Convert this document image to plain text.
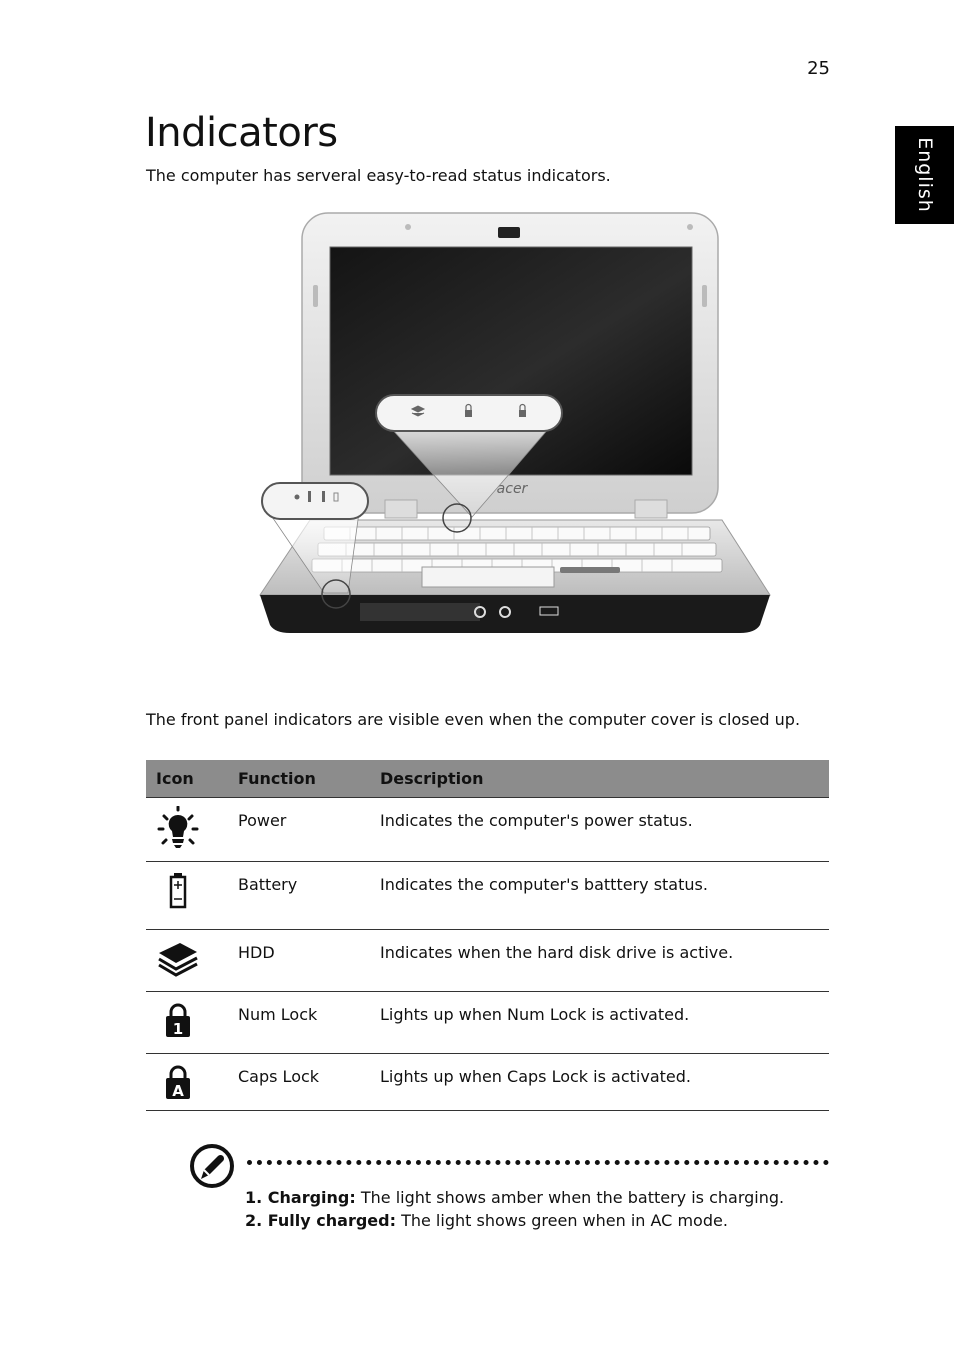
25
English
Indicators

The computer has serveral easy-to-read status indicators.

acer

The front panel indicators are visible even when the computer cover is closed up.

Icon	Function	Description
	Power	Indicates the computer's power status.
	Battery	Indicates the computer's batttery status.
	HDD	Indicates when the hard disk drive is active.

1	Num Lock	Lights up when Num Lock is activated.

A	Caps Lock	Lights up when Caps Lock is activated.
1. Charging: The light shows amber when the battery is charging.
2. Fully charged: The light shows green when in AC mode.
